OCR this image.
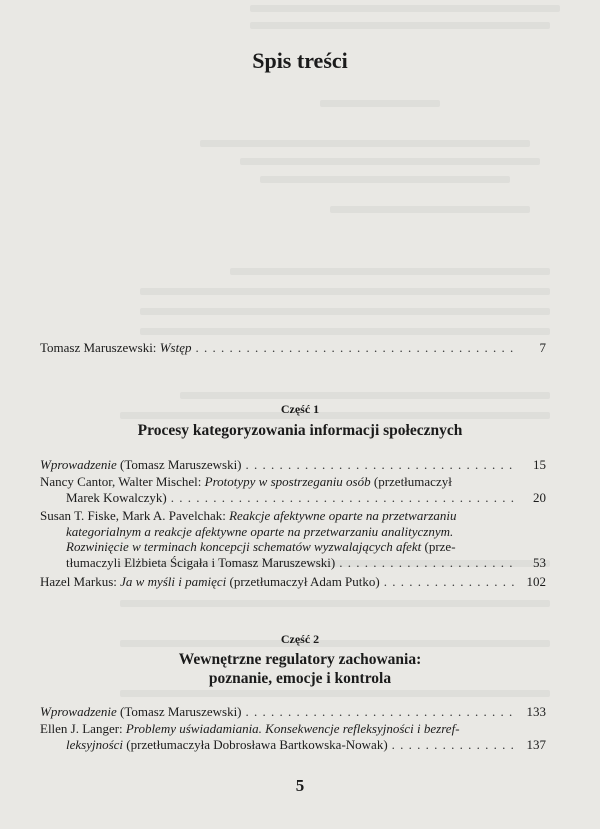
Spis treści
Tomasz Maruszewski: Wstęp . . .	7
Część 1
Procesy kategoryzowania informacji społecznych
Wprowadzenie (Tomasz Maruszewski) . . .	15
Nancy Cantor, Walter Mischel: Prototypy w spostrzeganiu osób (przetłumaczył
Marek Kowalczyk) . . .	20
Susan T. Fiske, Mark A. Pavelchak: Reakcje afektywne oparte na przetwarzaniu
kategorialnym a reakcje afektywne oparte na przetwarzaniu analitycznym.
Rozwinięcie w terminach koncepcji schematów wyzwalających afekt (prze-
tłumaczyli Elżbieta Ścigała i Tomasz Maruszewski) . . .	53
Hazel Markus: Ja w myśli i pamięci (przetłumaczył Adam Putko) . . .	102
Część 2
Wewnętrzne regulatory zachowania:
poznanie, emocje i kontrola
Wprowadzenie (Tomasz Maruszewski) . . .	133
Ellen J. Langer: Problemy uświadamiania. Konsekwencje refleksyjności i bezref-
leksyjności (przetłumaczyła Dobrosława Bartkowska-Nowak) . . .	137
5
